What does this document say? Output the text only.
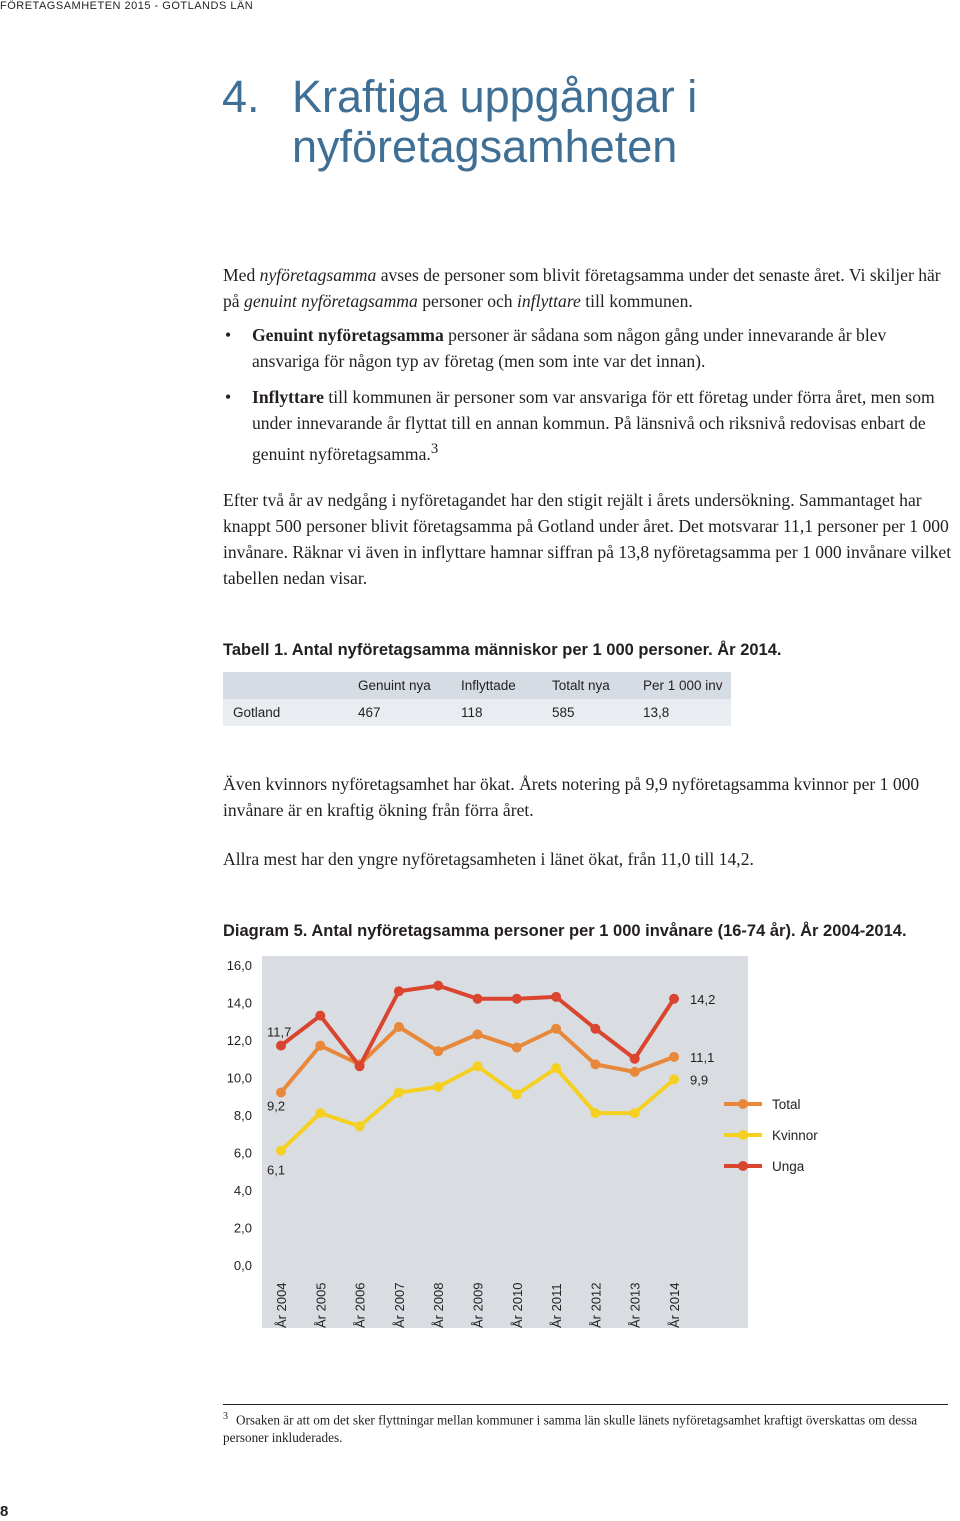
FÖRETAGSAMHETEN 2015 - GOTLANDS LÄN
4. Kraftiga uppgångar i
nyföretagsamheten

Med nyföretagsamma avses de personer som blivit företagsamma under det senaste året. Vi skiljer här på genuint nyföretagsamma personer och inflyttare till kommunen.

• Genuint nyföretagsamma personer är sådana som någon gång under innevarande år blev ansvariga för någon typ av företag (men som inte var det innan).
• Inflyttare till kommunen är personer som var ansvariga för ett företag under förra året, men som under innevarande år flyttat till en annan kommun. På länsnivå och riksnivå redovisas enbart de genuint nyföretagsamma.$^3$

Efter två år av nedgång i nyföretagandet har den stigit rejält i årets undersökning. Sammantaget har knappt 500 personer blivit företagsamma på Gotland under året. Det motsvarar 11,1 personer per 1 000 invånare. Räknar vi även in inflyttare hamnar siffran på 13,8 nyföretagsamma per 1 000 invånare vilket tabellen nedan visar.

Tabell 1. Antal nyföretagsamma människor per 1 000 personer. År 2014.

	Genuint nya	Inflyttade	Totalt nya	Per 1 000 inv
Gotland	467	118	585	13,8

Även kvinnors nyföretagsamhet har ökat. Årets notering på 9,9 nyföretagsamma kvinnor per 1 000 invånare är en kraftig ökning från förra året.

Allra mest har den yngre nyföretagsamheten i länet ökat, från 11,0 till 14,2.

Diagram 5. Antal nyföretagsamma personer per 1 000 invånare (16-74 år). År 2004-2014.

16,0
14,0
12,0
10,0
8,0
6,0
4,0
2,0
0,0
År 2004 År 2005 År 2006 År 2007 År 2008 År 2009 År 2010 År 2011 År 2012 År 2013 År 2014
11,7
9,2
6,1
14,2
11,1
9,9
Total
Kvinnor
Unga

$^3$ Orsaken är att om det sker flyttningar mellan kommuner i samma län skulle länets nyföretagsamhet kraftigt överskattas om dessa personer inkluderades.

8
